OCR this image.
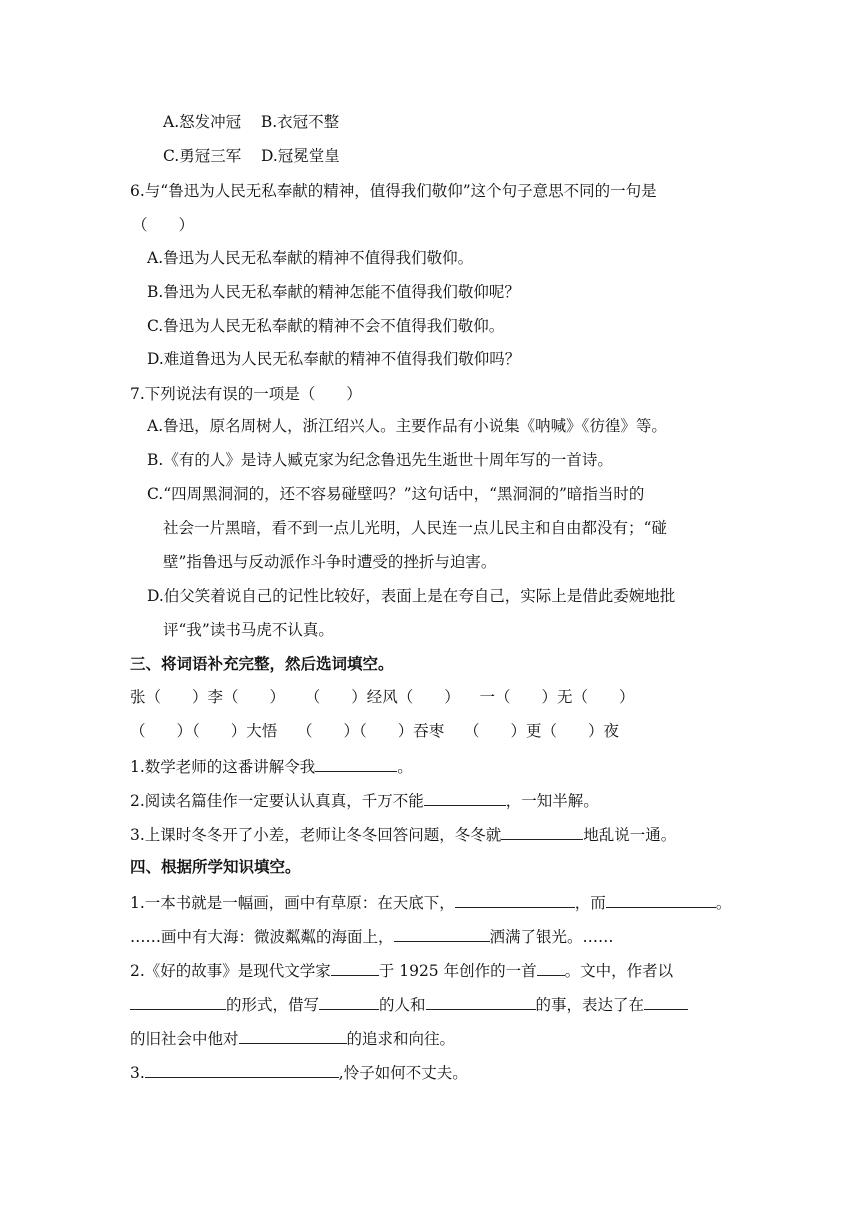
A.怒发冲冠 B.衣冠不整
C.勇冠三军 D.冠冕堂皇
6.与“鲁迅为人民无私奉献的精神，值得我们敬仰”这个句子意思不同的一句是
（　　）
A.鲁迅为人民无私奉献的精神不值得我们敬仰。
B.鲁迅为人民无私奉献的精神怎能不值得我们敬仰呢？
C.鲁迅为人民无私奉献的精神不会不值得我们敬仰。
D.难道鲁迅为人民无私奉献的精神不值得我们敬仰吗？
7.下列说法有误的一项是（　　）
A.鲁迅，原名周树人，浙江绍兴人。主要作品有小说集《呐喊》《彷徨》等。
B.《有的人》是诗人臧克家为纪念鲁迅先生逝世十周年写的一首诗。
C.“四周黑洞洞的，还不容易碰壁吗？”这句话中，“黑洞洞的”暗指当时的
社会一片黑暗，看不到一点儿光明，人民连一点儿民主和自由都没有；“碰
壁”指鲁迅与反动派作斗争时遭受的挫折与迫害。
D.伯父笑着说自己的记性比较好，表面上是在夸自己，实际上是借此委婉地批
评“我”读书马虎不认真。
三、将词语补充完整，然后选词填空。
张（　　）李（　　） （　　）经风（　　） 一（　　）无（　　）
（　　）（　　）大悟 （　　）（　　）吞枣 （　　）更（　　）夜
1.数学老师的这番讲解令我	。
2.阅读名篇佳作一定要认认真真，千万不能	，一知半解。
3.上课时冬冬开了小差，老师让冬冬回答问题，冬冬就	地乱说一通。
四、根据所学知识填空。
1.一本书就是一幅画，画中有草原：在天底下，	，而	。
……画中有大海：微波粼粼的海面上，	洒满了银光。……
2.《好的故事》是现代文学家	于 1925 年创作的一首 。文中，作者以
的形式，借写	的人和	的事，表达了在
的旧社会中他对	的追求和向往。
3.	,怜子如何不丈夫。
